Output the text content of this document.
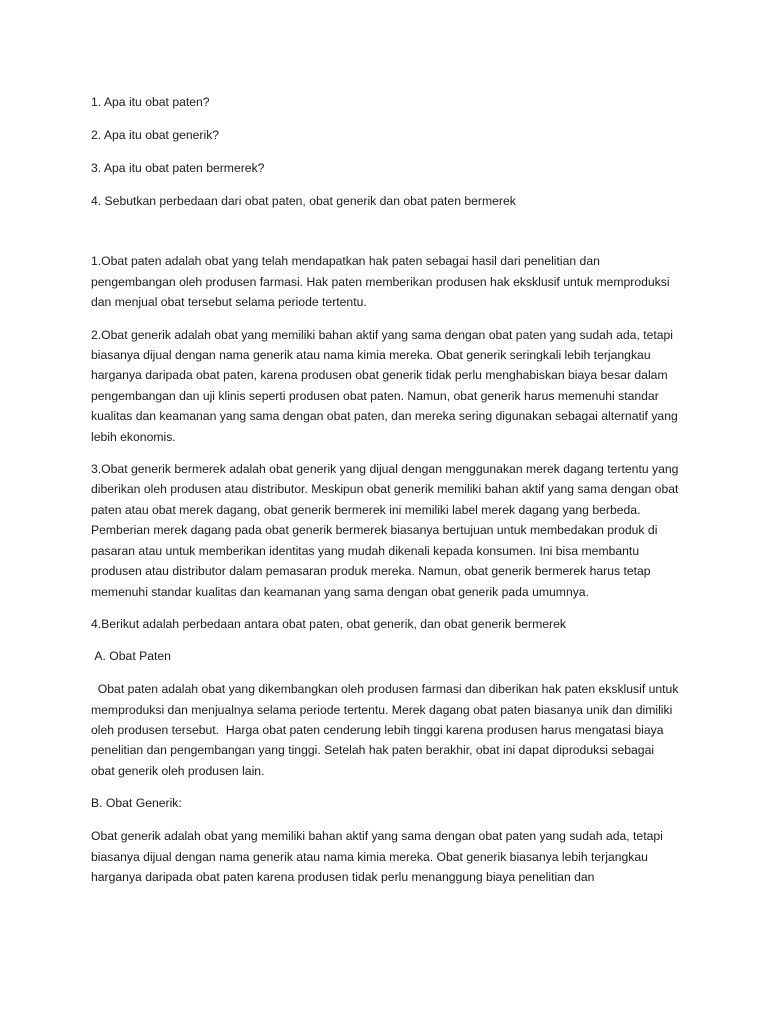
1. Apa itu obat paten?

2. Apa itu obat generik?

3. Apa itu obat paten bermerek?

4. Sebutkan perbedaan dari obat paten, obat generik dan obat paten bermerek

1.Obat paten adalah obat yang telah mendapatkan hak paten sebagai hasil dari penelitian dan pengembangan oleh produsen farmasi. Hak paten memberikan produsen hak eksklusif untuk memproduksi dan menjual obat tersebut selama periode tertentu.

2.Obat generik adalah obat yang memiliki bahan aktif yang sama dengan obat paten yang sudah ada, tetapi biasanya dijual dengan nama generik atau nama kimia mereka. Obat generik seringkali lebih terjangkau harganya daripada obat paten, karena produsen obat generik tidak perlu menghabiskan biaya besar dalam pengembangan dan uji klinis seperti produsen obat paten. Namun, obat generik harus memenuhi standar kualitas dan keamanan yang sama dengan obat paten, dan mereka sering digunakan sebagai alternatif yang lebih ekonomis.

3.Obat generik bermerek adalah obat generik yang dijual dengan menggunakan merek dagang tertentu yang diberikan oleh produsen atau distributor. Meskipun obat generik memiliki bahan aktif yang sama dengan obat paten atau obat merek dagang, obat generik bermerek ini memiliki label merek dagang yang berbeda. Pemberian merek dagang pada obat generik bermerek biasanya bertujuan untuk membedakan produk di pasaran atau untuk memberikan identitas yang mudah dikenali kepada konsumen. Ini bisa membantu produsen atau distributor dalam pemasaran produk mereka. Namun, obat generik bermerek harus tetap memenuhi standar kualitas dan keamanan yang sama dengan obat generik pada umumnya.

4.Berikut adalah perbedaan antara obat paten, obat generik, dan obat generik bermerek

A. Obat Paten

Obat paten adalah obat yang dikembangkan oleh produsen farmasi dan diberikan hak paten eksklusif untuk memproduksi dan menjualnya selama periode tertentu. Merek dagang obat paten biasanya unik dan dimiliki oleh produsen tersebut.  Harga obat paten cenderung lebih tinggi karena produsen harus mengatasi biaya penelitian dan pengembangan yang tinggi. Setelah hak paten berakhir, obat ini dapat diproduksi sebagai obat generik oleh produsen lain.

B. Obat Generik:

Obat generik adalah obat yang memiliki bahan aktif yang sama dengan obat paten yang sudah ada, tetapi biasanya dijual dengan nama generik atau nama kimia mereka. Obat generik biasanya lebih terjangkau harganya daripada obat paten karena produsen tidak perlu menanggung biaya penelitian dan
